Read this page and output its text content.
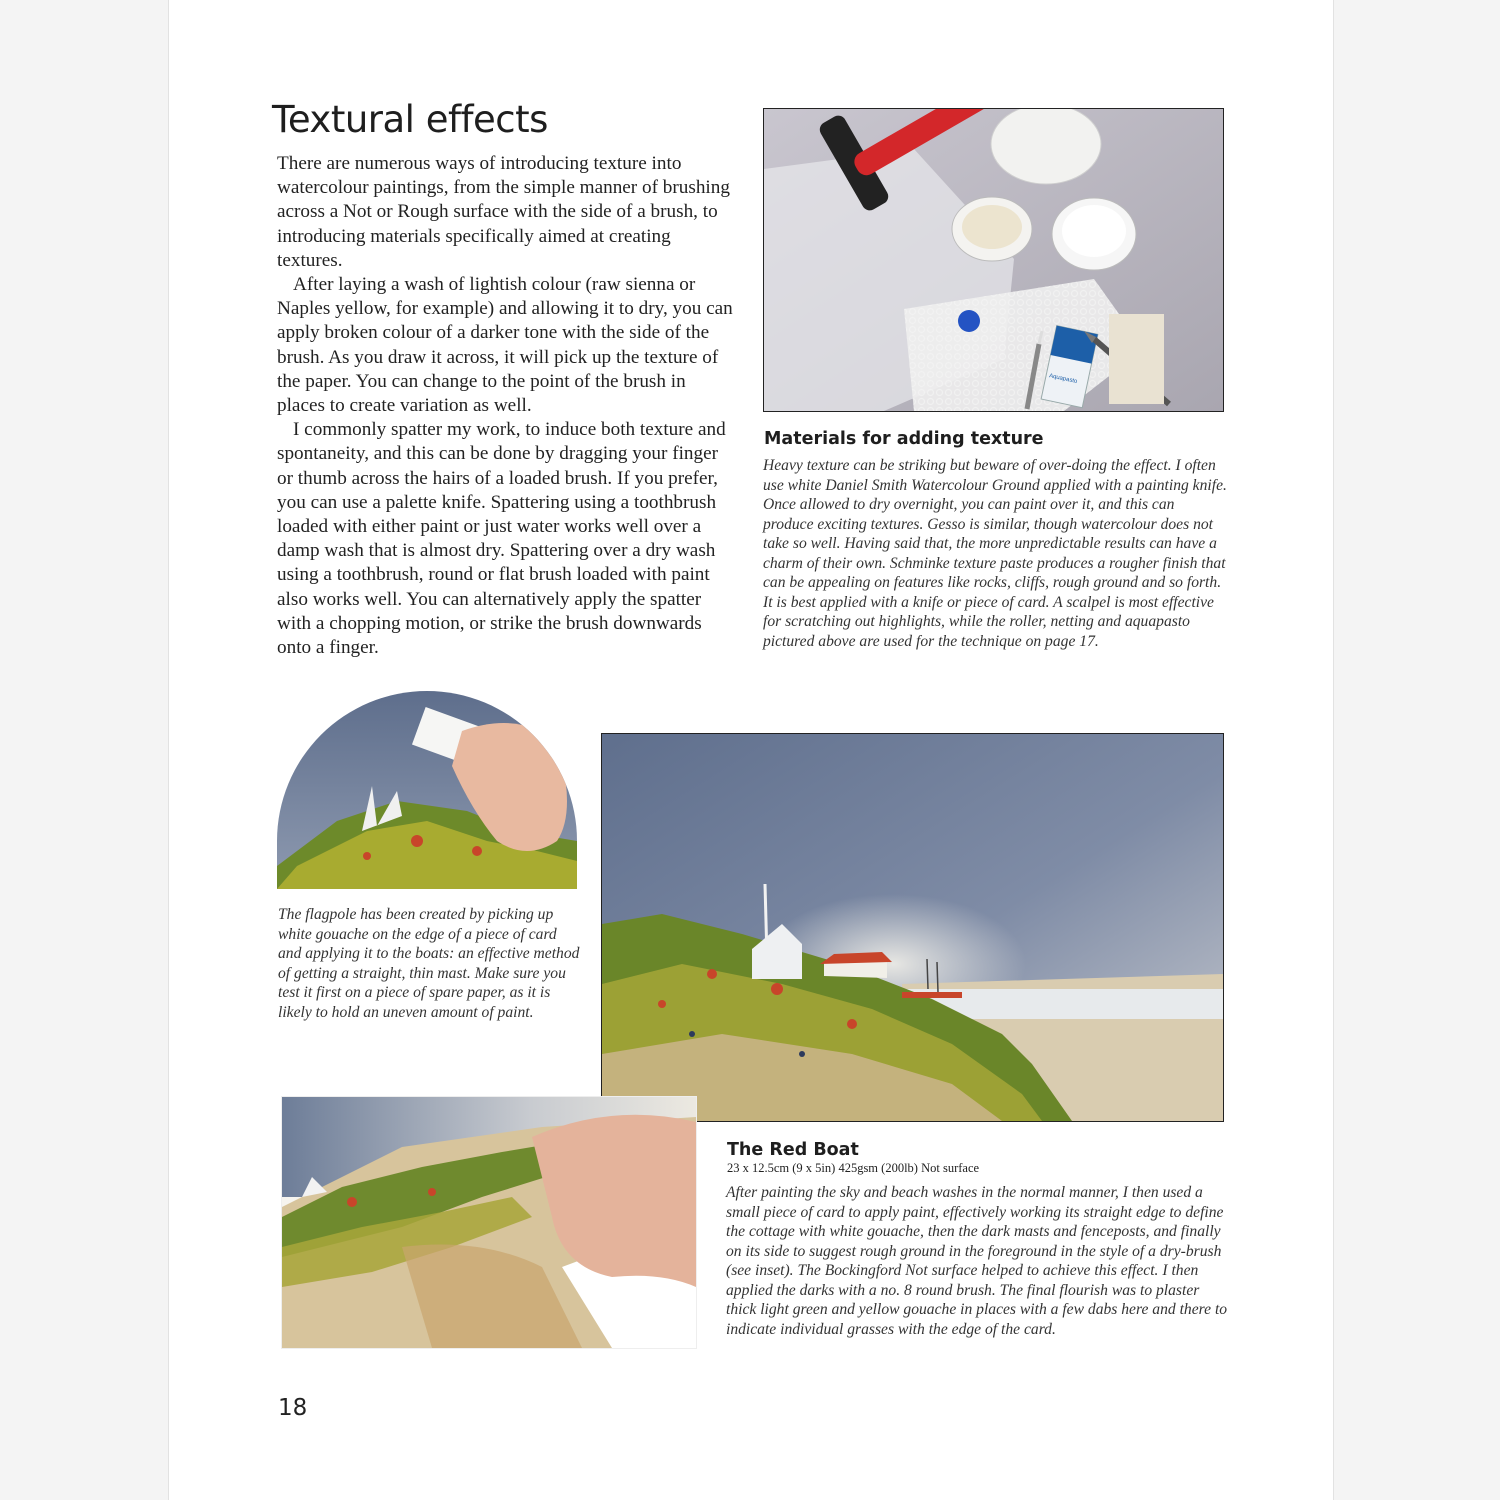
Textural effects

There are numerous ways of introducing texture into watercolour paintings, from the simple manner of brushing across a Not or Rough surface with the side of a brush, to introducing materials specifically aimed at creating textures.

After laying a wash of lightish colour (raw sienna or Naples yellow, for example) and allowing it to dry, you can apply broken colour of a darker tone with the side of the brush. As you draw it across, it will pick up the texture of the paper. You can change to the point of the brush in places to create variation as well.

I commonly spatter my work, to induce both texture and spontaneity, and this can be done by dragging your finger or thumb across the hairs of a loaded brush. If you prefer, you can use a palette knife. Spattering using a toothbrush loaded with either paint or just water works well over a damp wash that is almost dry. Spattering over a dry wash using a toothbrush, round or flat brush loaded with paint also works well. You can alternatively apply the spatter with a chopping motion, or strike the brush downwards onto a finger.

Aquapasto
Materials for adding texture
Heavy texture can be striking but beware of over-doing the effect. I often use white Daniel Smith Watercolour Ground applied with a painting knife. Once allowed to dry overnight, you can paint over it, and this can produce exciting textures. Gesso is similar, though watercolour does not take so well. Having said that, the more unpredictable results can have a charm of their own. Schminke texture paste produces a rougher finish that can be appealing on features like rocks, cliffs, rough ground and so forth. It is best applied with a knife or piece of card. A scalpel is most effective for scratching out highlights, while the roller, netting and aquapasto pictured above are used for the technique on page 17.
The flagpole has been created by picking up white gouache on the edge of a piece of card and applying it to the boats: an effective method of getting a straight, thin mast. Make sure you test it first on a piece of spare paper, as it is likely to hold an uneven amount of paint.
The Red Boat
23 x 12.5cm (9 x 5in) 425gsm (200lb) Not surface
After painting the sky and beach washes in the normal manner, I then used a small piece of card to apply paint, effectively working its straight edge to define the cottage with white gouache, then the dark masts and fenceposts, and finally on its side to suggest rough ground in the foreground in the style of a dry-brush (see inset). The Bockingford Not surface helped to achieve this effect. I then applied the darks with a no. 8 round brush. The final flourish was to plaster thick light green and yellow gouache in places with a few dabs here and there to indicate individual grasses with the edge of the card.
18
